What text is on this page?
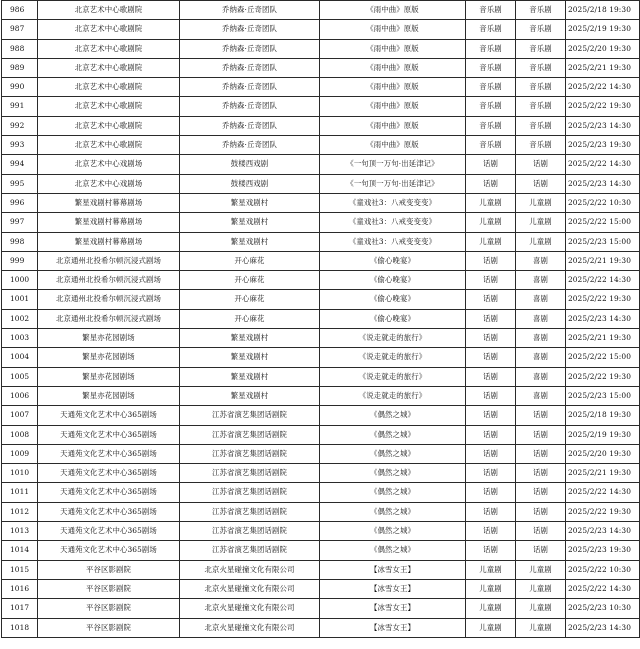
986	北京艺术中心歌剧院	乔纳森·丘奇团队	《雨中曲》原版	音乐剧	音乐剧	2025/2/18 19:30
987	北京艺术中心歌剧院	乔纳森·丘奇团队	《雨中曲》原版	音乐剧	音乐剧	2025/2/19 19:30
988	北京艺术中心歌剧院	乔纳森·丘奇团队	《雨中曲》原版	音乐剧	音乐剧	2025/2/20 19:30
989	北京艺术中心歌剧院	乔纳森·丘奇团队	《雨中曲》原版	音乐剧	音乐剧	2025/2/21 19:30
990	北京艺术中心歌剧院	乔纳森·丘奇团队	《雨中曲》原版	音乐剧	音乐剧	2025/2/22 14:30
991	北京艺术中心歌剧院	乔纳森·丘奇团队	《雨中曲》原版	音乐剧	音乐剧	2025/2/22 19:30
992	北京艺术中心歌剧院	乔纳森·丘奇团队	《雨中曲》原版	音乐剧	音乐剧	2025/2/23 14:30
993	北京艺术中心歌剧院	乔纳森·丘奇团队	《雨中曲》原版	音乐剧	音乐剧	2025/2/23 19:30
994	北京艺术中心戏剧场	鼓楼西戏剧	《一句顶一万句·出延津记》	话剧	话剧	2025/2/22 14:30
995	北京艺术中心戏剧场	鼓楼西戏剧	《一句顶一万句·出延津记》	话剧	话剧	2025/2/23 14:30
996	繁星戏剧村幕幕剧场	繁星戏剧村	《童戏社3：八戒变变变》	儿童剧	儿童剧	2025/2/22 10:30
997	繁星戏剧村幕幕剧场	繁星戏剧村	《童戏社3：八戒变变变》	儿童剧	儿童剧	2025/2/22 15:00
998	繁星戏剧村幕幕剧场	繁星戏剧村	《童戏社3：八戒变变变》	儿童剧	儿童剧	2025/2/23 15:00
999	北京通州北投希尔顿沉浸式剧场	开心麻花	《偷心晚宴》	话剧	喜剧	2025/2/21 19:30
1000	北京通州北投希尔顿沉浸式剧场	开心麻花	《偷心晚宴》	话剧	喜剧	2025/2/22 14:30
1001	北京通州北投希尔顿沉浸式剧场	开心麻花	《偷心晚宴》	话剧	喜剧	2025/2/22 19:30
1002	北京通州北投希尔顿沉浸式剧场	开心麻花	《偷心晚宴》	话剧	喜剧	2025/2/23 14:30
1003	繁星亦花园剧场	繁星戏剧村	《说走就走的旅行》	话剧	喜剧	2025/2/21 19:30
1004	繁星亦花园剧场	繁星戏剧村	《说走就走的旅行》	话剧	喜剧	2025/2/22 15:00
1005	繁星亦花园剧场	繁星戏剧村	《说走就走的旅行》	话剧	喜剧	2025/2/22 19:30
1006	繁星亦花园剧场	繁星戏剧村	《说走就走的旅行》	话剧	喜剧	2025/2/23 15:00
1007	天通苑文化艺术中心365剧场	江苏省演艺集团话剧院	《偶然之城》	话剧	话剧	2025/2/18 19:30
1008	天通苑文化艺术中心365剧场	江苏省演艺集团话剧院	《偶然之城》	话剧	话剧	2025/2/19 19:30
1009	天通苑文化艺术中心365剧场	江苏省演艺集团话剧院	《偶然之城》	话剧	话剧	2025/2/20 19:30
1010	天通苑文化艺术中心365剧场	江苏省演艺集团话剧院	《偶然之城》	话剧	话剧	2025/2/21 19:30
1011	天通苑文化艺术中心365剧场	江苏省演艺集团话剧院	《偶然之城》	话剧	话剧	2025/2/22 14:30
1012	天通苑文化艺术中心365剧场	江苏省演艺集团话剧院	《偶然之城》	话剧	话剧	2025/2/22 19:30
1013	天通苑文化艺术中心365剧场	江苏省演艺集团话剧院	《偶然之城》	话剧	话剧	2025/2/23 14:30
1014	天通苑文化艺术中心365剧场	江苏省演艺集团话剧院	《偶然之城》	话剧	话剧	2025/2/23 19:30
1015	平谷区影剧院	北京火星碰撞文化有限公司	【冰雪女王】	儿童剧	儿童剧	2025/2/22 10:30
1016	平谷区影剧院	北京火星碰撞文化有限公司	【冰雪女王】	儿童剧	儿童剧	2025/2/22 14:30
1017	平谷区影剧院	北京火星碰撞文化有限公司	【冰雪女王】	儿童剧	儿童剧	2025/2/23 10:30
1018	平谷区影剧院	北京火星碰撞文化有限公司	【冰雪女王】	儿童剧	儿童剧	2025/2/23 14:30
